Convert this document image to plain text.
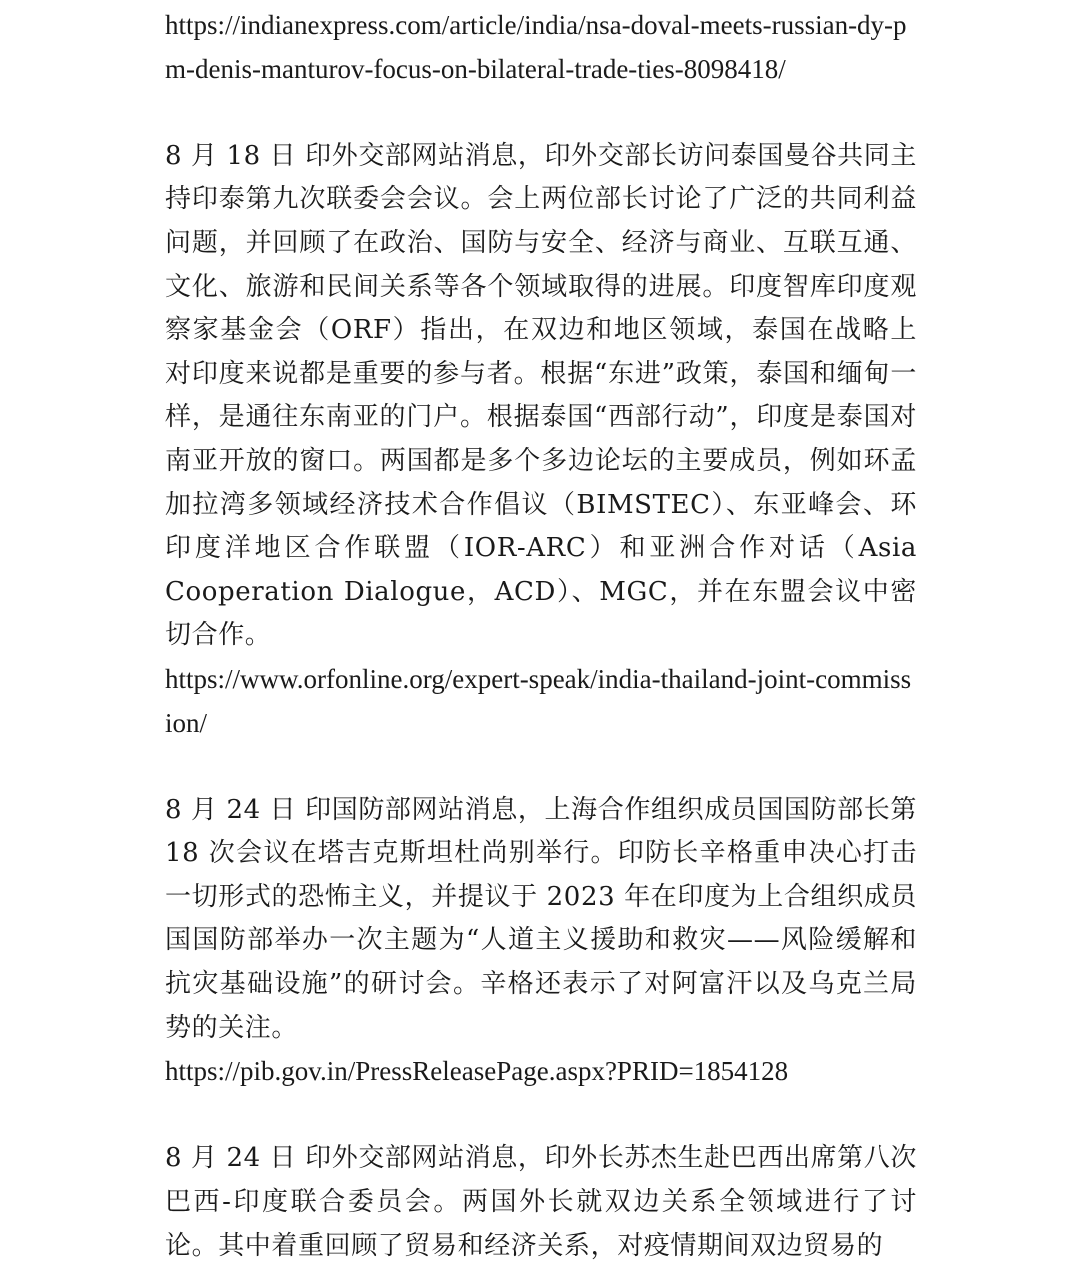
https://indianexpress.com/article/india/nsa-doval-meets-russian-dy-pm-denis-manturov-focus-on-bilateral-trade-ties-8098418/

8 月 18 日 印外交部网站消息，印外交部长访问泰国曼谷共同主持印泰第九次联委会会议。会上两位部长讨论了广泛的共同利益问题，并回顾了在政治、国防与安全、经济与商业、互联互通、文化、旅游和民间关系等各个领域取得的进展。印度智库印度观察家基金会（ORF）指出，在双边和地区领域，泰国在战略上对印度来说都是重要的参与者。根据“东进”政策，泰国和缅甸一样，是通往东南亚的门户。根据泰国“西部行动”，印度是泰国对南亚开放的窗口。两国都是多个多边论坛的主要成员，例如环孟加拉湾多领域经济技术合作倡议（BIMSTEC）、东亚峰会、环印度洋地区合作联盟（IOR-ARC）和亚洲合作对话（Asia Cooperation Dialogue，ACD）、MGC，并在东盟会议中密切合作。

https://www.orfonline.org/expert-speak/india-thailand-joint-commission/

8 月 24 日 印国防部网站消息，上海合作组织成员国国防部长第 18 次会议在塔吉克斯坦杜尚别举行。印防长辛格重申决心打击一切形式的恐怖主义，并提议于 2023 年在印度为上合组织成员国国防部举办一次主题为“人道主义援助和救灾——风险缓解和抗灾基础设施”的研讨会。辛格还表示了对阿富汗以及乌克兰局势的关注。

https://pib.gov.in/PressReleasePage.aspx?PRID=1854128

8 月 24 日 印外交部网站消息，印外长苏杰生赴巴西出席第八次巴西-印度联合委员会。两国外长就双边关系全领域进行了讨论。其中着重回顾了贸易和经济关系，对疫情期间双边贸易的
